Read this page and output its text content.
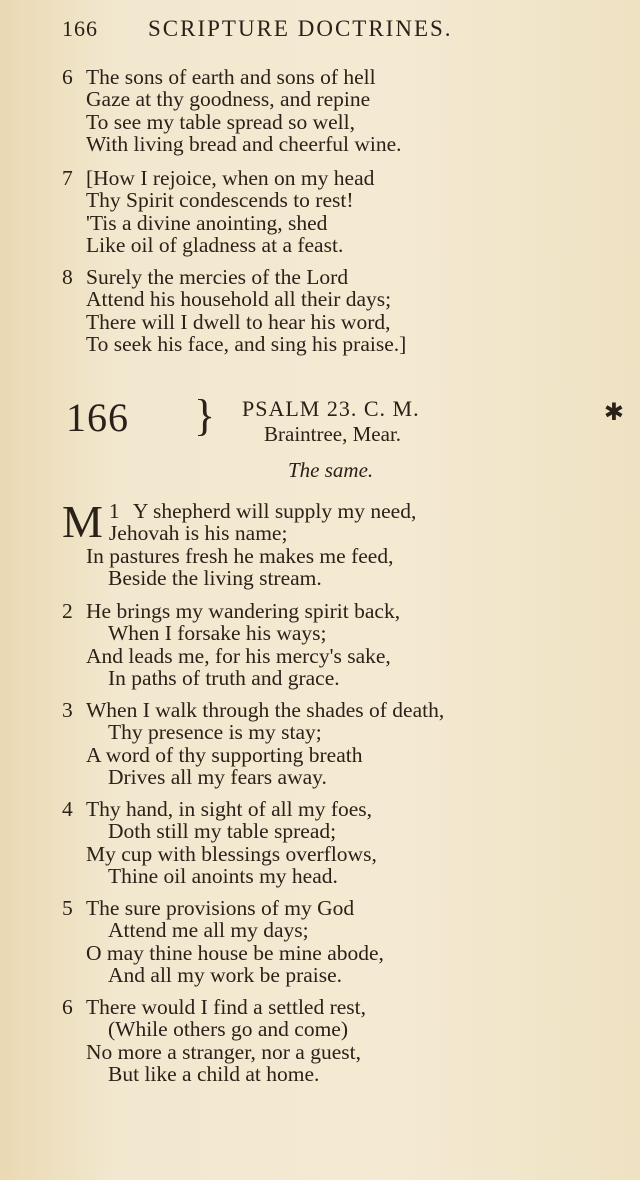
166 SCRIPTURE DOCTRINES.
6 The sons of earth and sons of hell
Gaze at thy goodness, and repine
To see my table spread so well,
With living bread and cheerful wine.
7 [How I rejoice, when on my head
Thy Spirit condescends to rest!
'Tis a divine anointing, shed
Like oil of gladness at a feast.
8 Surely the mercies of the Lord
Attend his household all their days;
There will I dwell to hear his word,
To seek his face, and sing his praise.]
166 } PSALM 23. C. M.
Braintree, Mear.
✱
The same.
1
M Y shepherd will supply my need,
Jehovah is his name;
In pastures fresh he makes me feed,
Beside the living stream.
2 He brings my wandering spirit back,
When I forsake his ways;
And leads me, for his mercy's sake,
In paths of truth and grace.
3 When I walk through the shades of death,
Thy presence is my stay;
A word of thy supporting breath
Drives all my fears away.
4 Thy hand, in sight of all my foes,
Doth still my table spread;
My cup with blessings overflows,
Thine oil anoints my head.
5 The sure provisions of my God
Attend me all my days;
O may thine house be mine abode,
And all my work be praise.
6 There would I find a settled rest,
(While others go and come)
No more a stranger, nor a guest,
But like a child at home.
